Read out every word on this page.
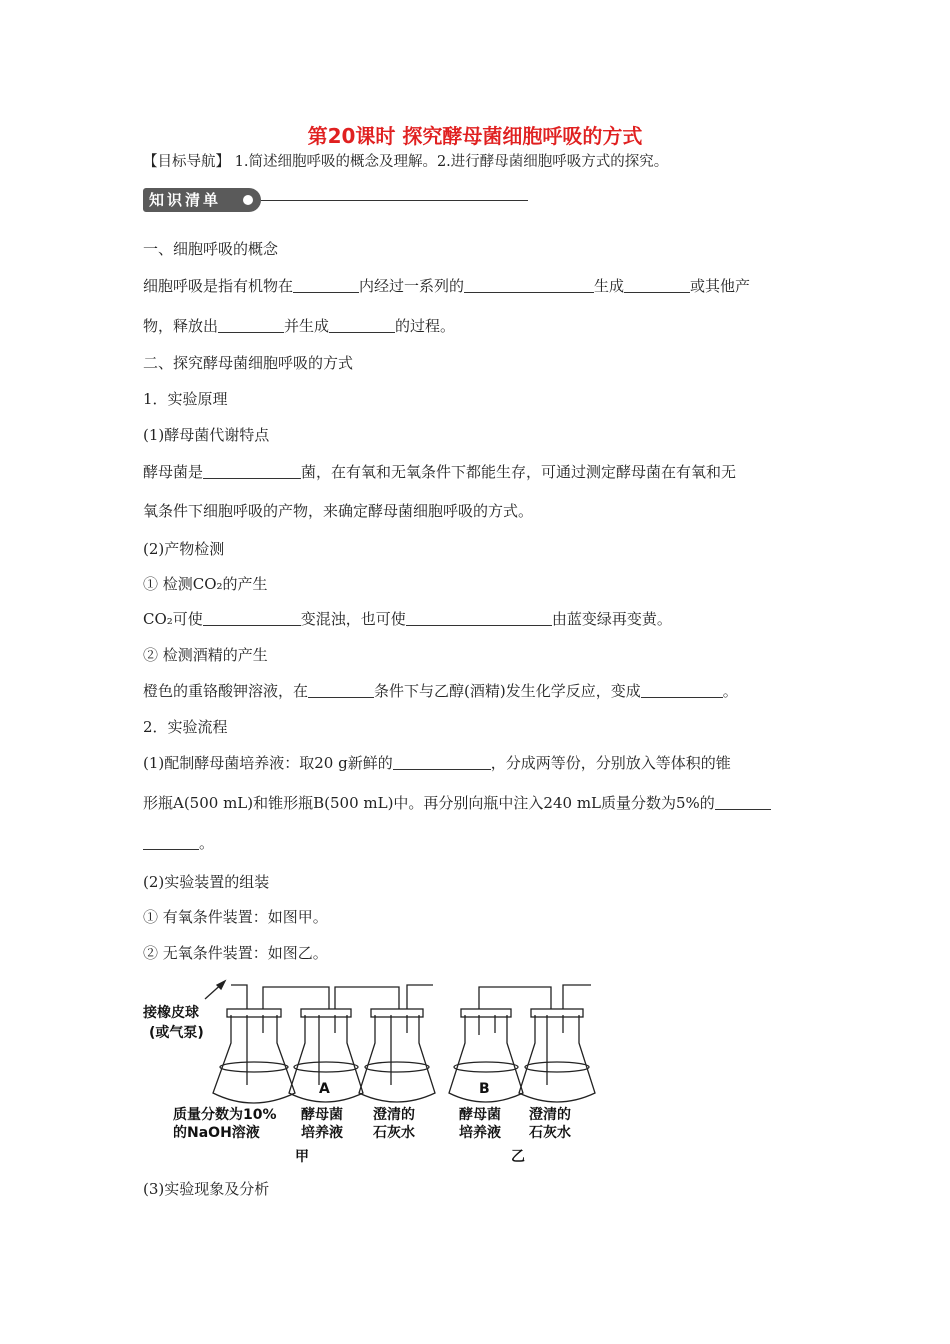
第20课时 探究酵母菌细胞呼吸的方式
【目标导航】 1.简述细胞呼吸的概念及理解。2.进行酵母菌细胞呼吸方式的探究。
知识清单
一、细胞呼吸的概念
细胞呼吸是指有机物在	内经过一系列的	生成	或其他产
物，释放出	并生成	的过程。
二、探究酵母菌细胞呼吸的方式
1．实验原理
(1)酵母菌代谢特点
酵母菌是	菌，在有氧和无氧条件下都能生存，可通过测定酵母菌在有氧和无
氧条件下细胞呼吸的产物，来确定酵母菌细胞呼吸的方式。
(2)产物检测
① 检测CO₂的产生
CO₂可使	变混浊，也可使	由蓝变绿再变黄。
② 检测酒精的产生
橙色的重铬酸钾溶液，在	条件下与乙醇(酒精)发生化学反应，变成	。
2．实验流程
(1)配制酵母菌培养液：取20 g新鲜的	，分成两等份，分别放入等体积的锥
形瓶A(500 mL)和锥形瓶B(500 mL)中。再分别向瓶中注入240 mL质量分数为5%的
。
(2)实验装置的组装
① 有氧条件装置：如图甲。
② 无氧条件装置：如图乙。
接橡皮球
(或气泵)
A	B
质量分数为10%
的NaOH溶液
酵母菌
培养液
澄清的
石灰水
酵母菌
培养液
澄清的
石灰水
甲	乙
(3)实验现象及分析
